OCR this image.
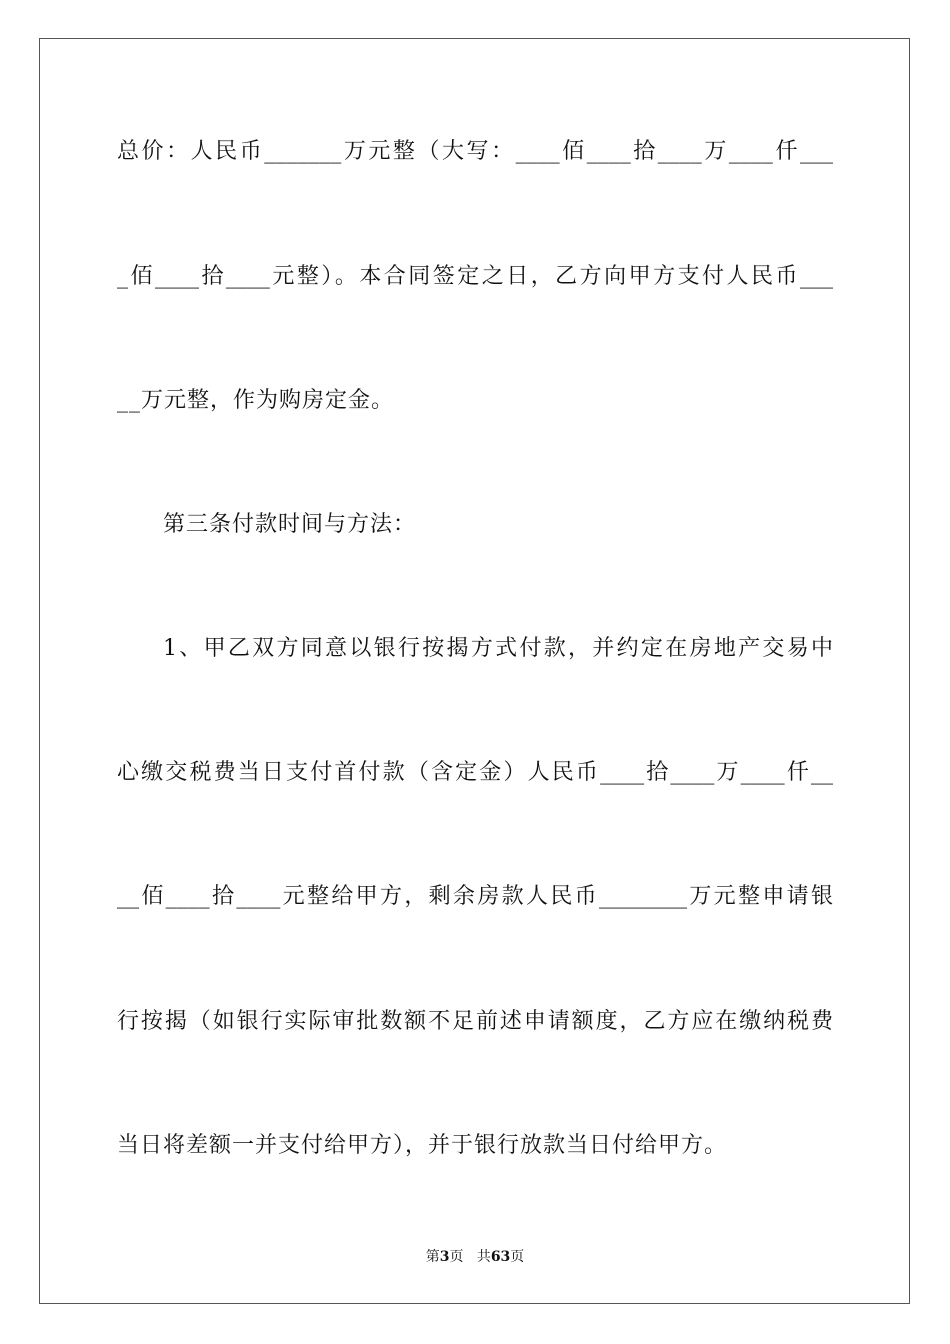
总价：人民币_______万元整（大写：____佰____拾____万____仟___
_佰____拾____元整）。本合同签定之日，乙方向甲方支付人民币___
__万元整，作为购房定金。
第三条付款时间与方法：
1、甲乙双方同意以银行按揭方式付款，并约定在房地产交易中
心缴交税费当日支付首付款（含定金）人民币____拾____万____仟__
__佰____拾____元整给甲方，剩余房款人民币________万元整申请银
行按揭（如银行实际审批数额不足前述申请额度，乙方应在缴纳税费
当日将差额一并支付给甲方），并于银行放款当日付给甲方。
第3页 共63页
